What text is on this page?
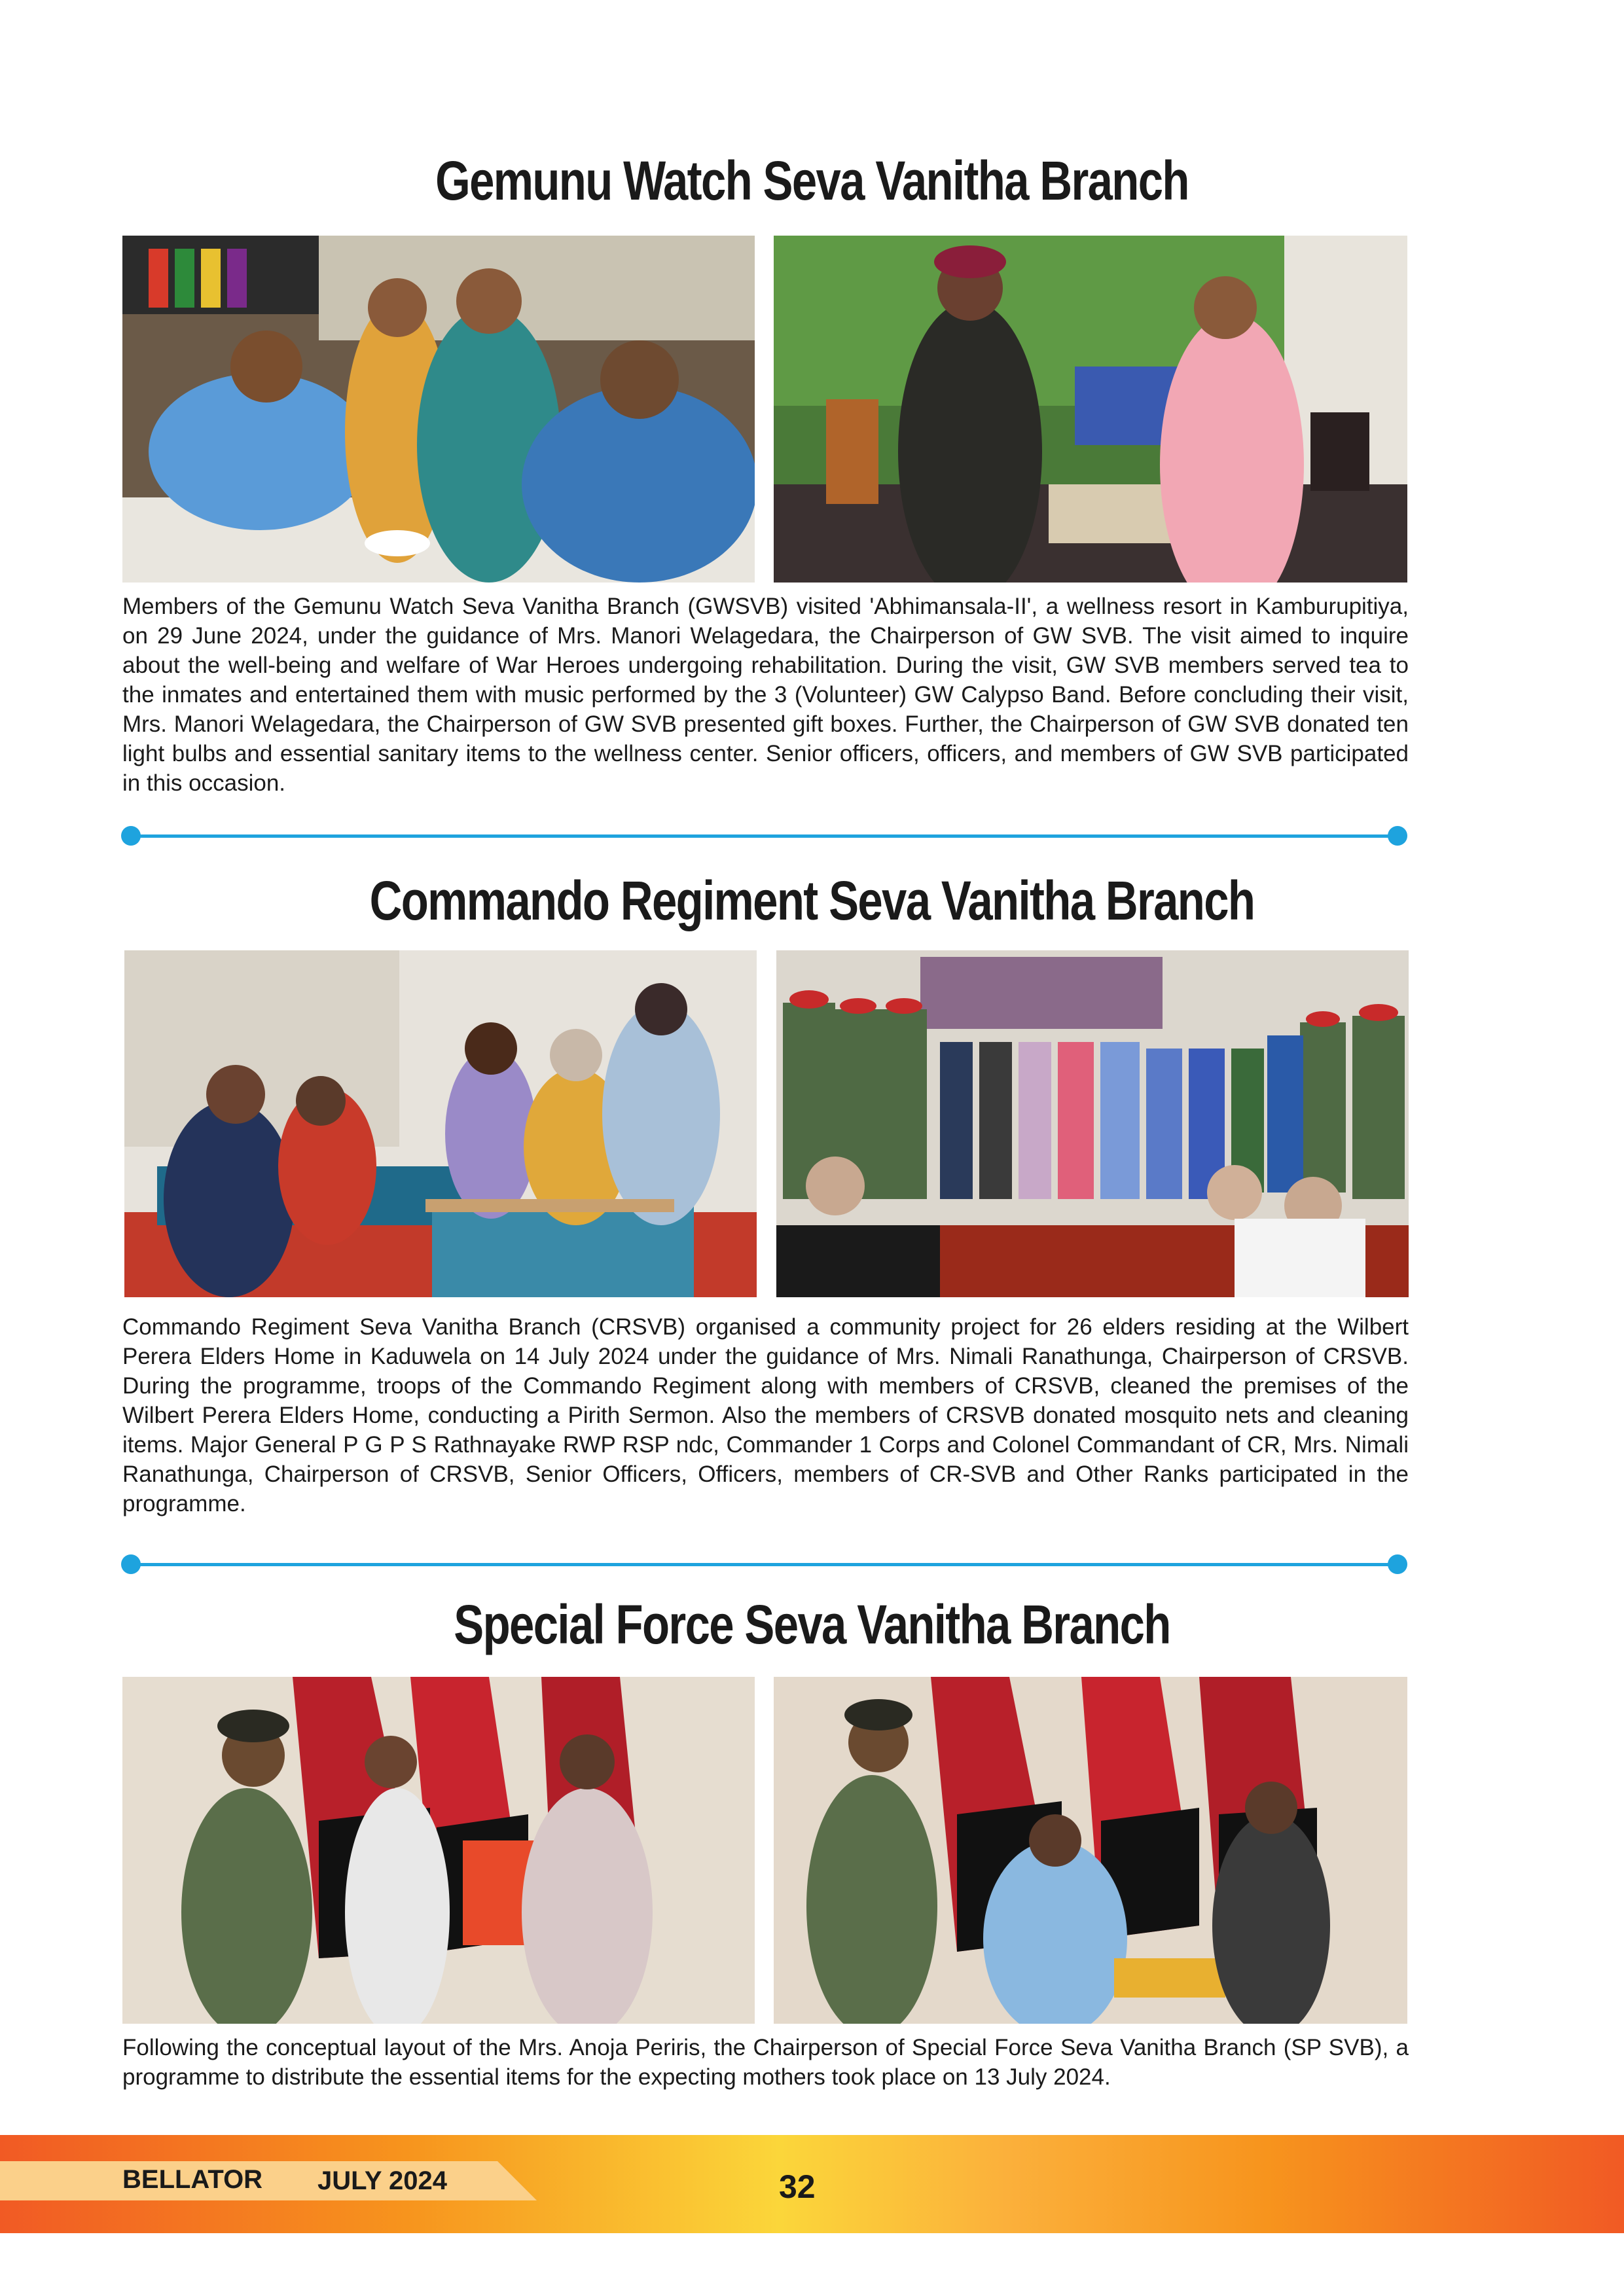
Gemunu Watch Seva Vanitha Branch
Members of the Gemunu Watch Seva Vanitha Branch (GWSVB) visited 'Abhimansala-II', a wellness resort in Kamburupitiya, on 29 June 2024, under the guidance of Mrs. Manori Welagedara, the Chairperson of GW SVB. The visit aimed to inquire about the well-being and welfare of War Heroes undergoing rehabilitation. During the visit, GW SVB members served tea to the inmates and entertained them with music performed by the 3 (Volunteer) GW Calypso Band. Before concluding their visit, Mrs. Manori Welagedara, the Chairperson of GW SVB presented gift boxes. Further, the Chairperson of GW SVB donated ten light bulbs and essential sanitary items to the wellness center. Senior officers, officers, and members of GW SVB participated in this occasion.
Commando Regiment Seva Vanitha Branch
Commando Regiment Seva Vanitha Branch (CRSVB) organised a community project for 26 elders residing at the Wilbert Perera Elders Home in Kaduwela on 14 July 2024 under the guidance of Mrs. Nimali Ranathunga, Chairperson of CRSVB. During the programme, troops of the Commando Regiment along with members of CRSVB, cleaned the premises of the Wilbert Perera Elders Home, conducting a Pirith Sermon. Also the members of CRSVB donated mosquito nets and cleaning items. Major General P G P S Rathnayake RWP RSP ndc, Commander 1 Corps and Colonel Commandant of CR, Mrs. Nimali Ranathunga, Chairperson of CRSVB, Senior Officers, Officers, members of CR-SVB and Other Ranks participated in the programme.
Special Force Seva Vanitha Branch
Following the conceptual layout of the Mrs. Anoja Periris, the Chairperson of Special Force Seva Vanitha Branch (SP SVB), a programme to distribute the essential items for the expecting mothers took place on 13 July 2024.
BELLATOR JULY 2024	32
